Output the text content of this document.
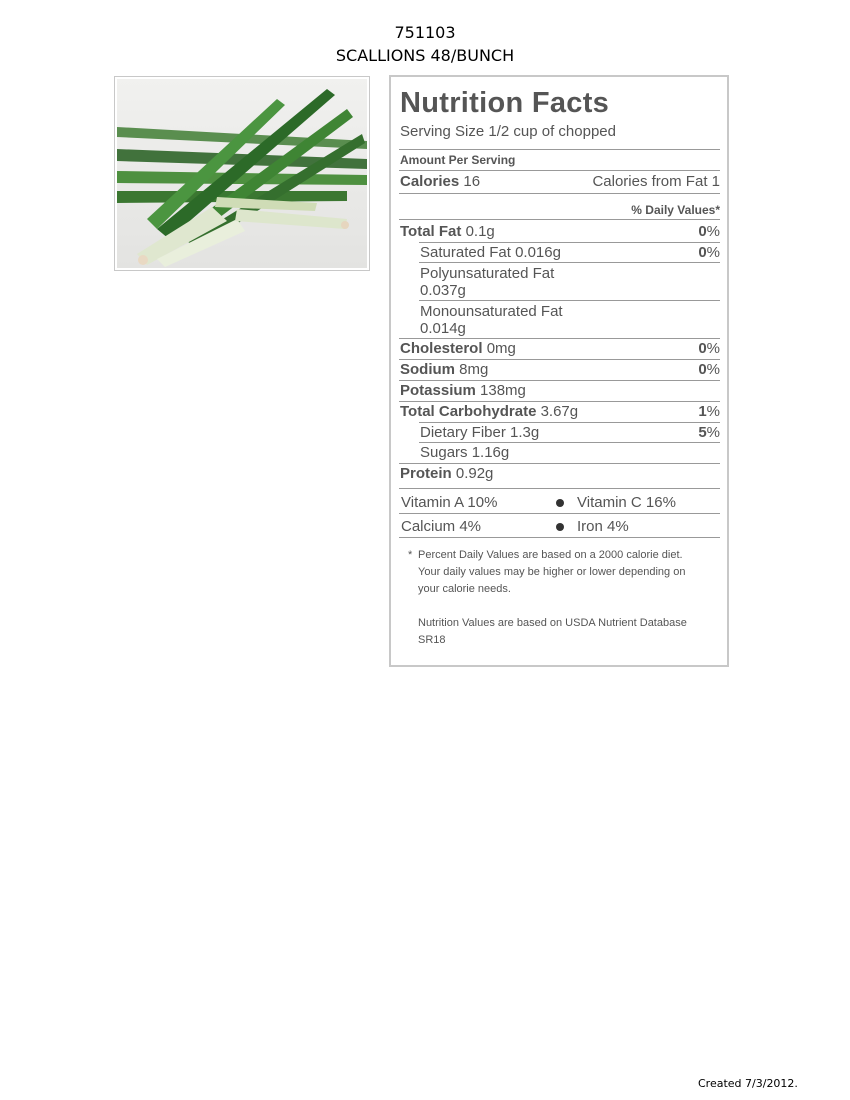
751103
SCALLIONS 48/BUNCH
Nutrition Facts
Serving Size 1/2 cup of chopped
Amount Per Serving
Calories 16	Calories from Fat 1
% Daily Values*
Total Fat 0.1g	0%
Saturated Fat 0.016g	0%
Polyunsaturated Fat
0.037g
Monounsaturated Fat
0.014g
Cholesterol 0mg	0%
Sodium 8mg	0%
Potassium 138mg
Total Carbohydrate 3.67g	1%
Dietary Fiber 1.3g	5%
Sugars 1.16g
Protein 0.92g
Vitamin A 10%	Vitamin C 16%
Calcium 4%	Iron 4%
* Percent Daily Values are based on a 2000 calorie diet.
Your daily values may be higher or lower depending on
your calorie needs.
Nutrition Values are based on USDA Nutrient Database
SR18
Created 7/3/2012.
